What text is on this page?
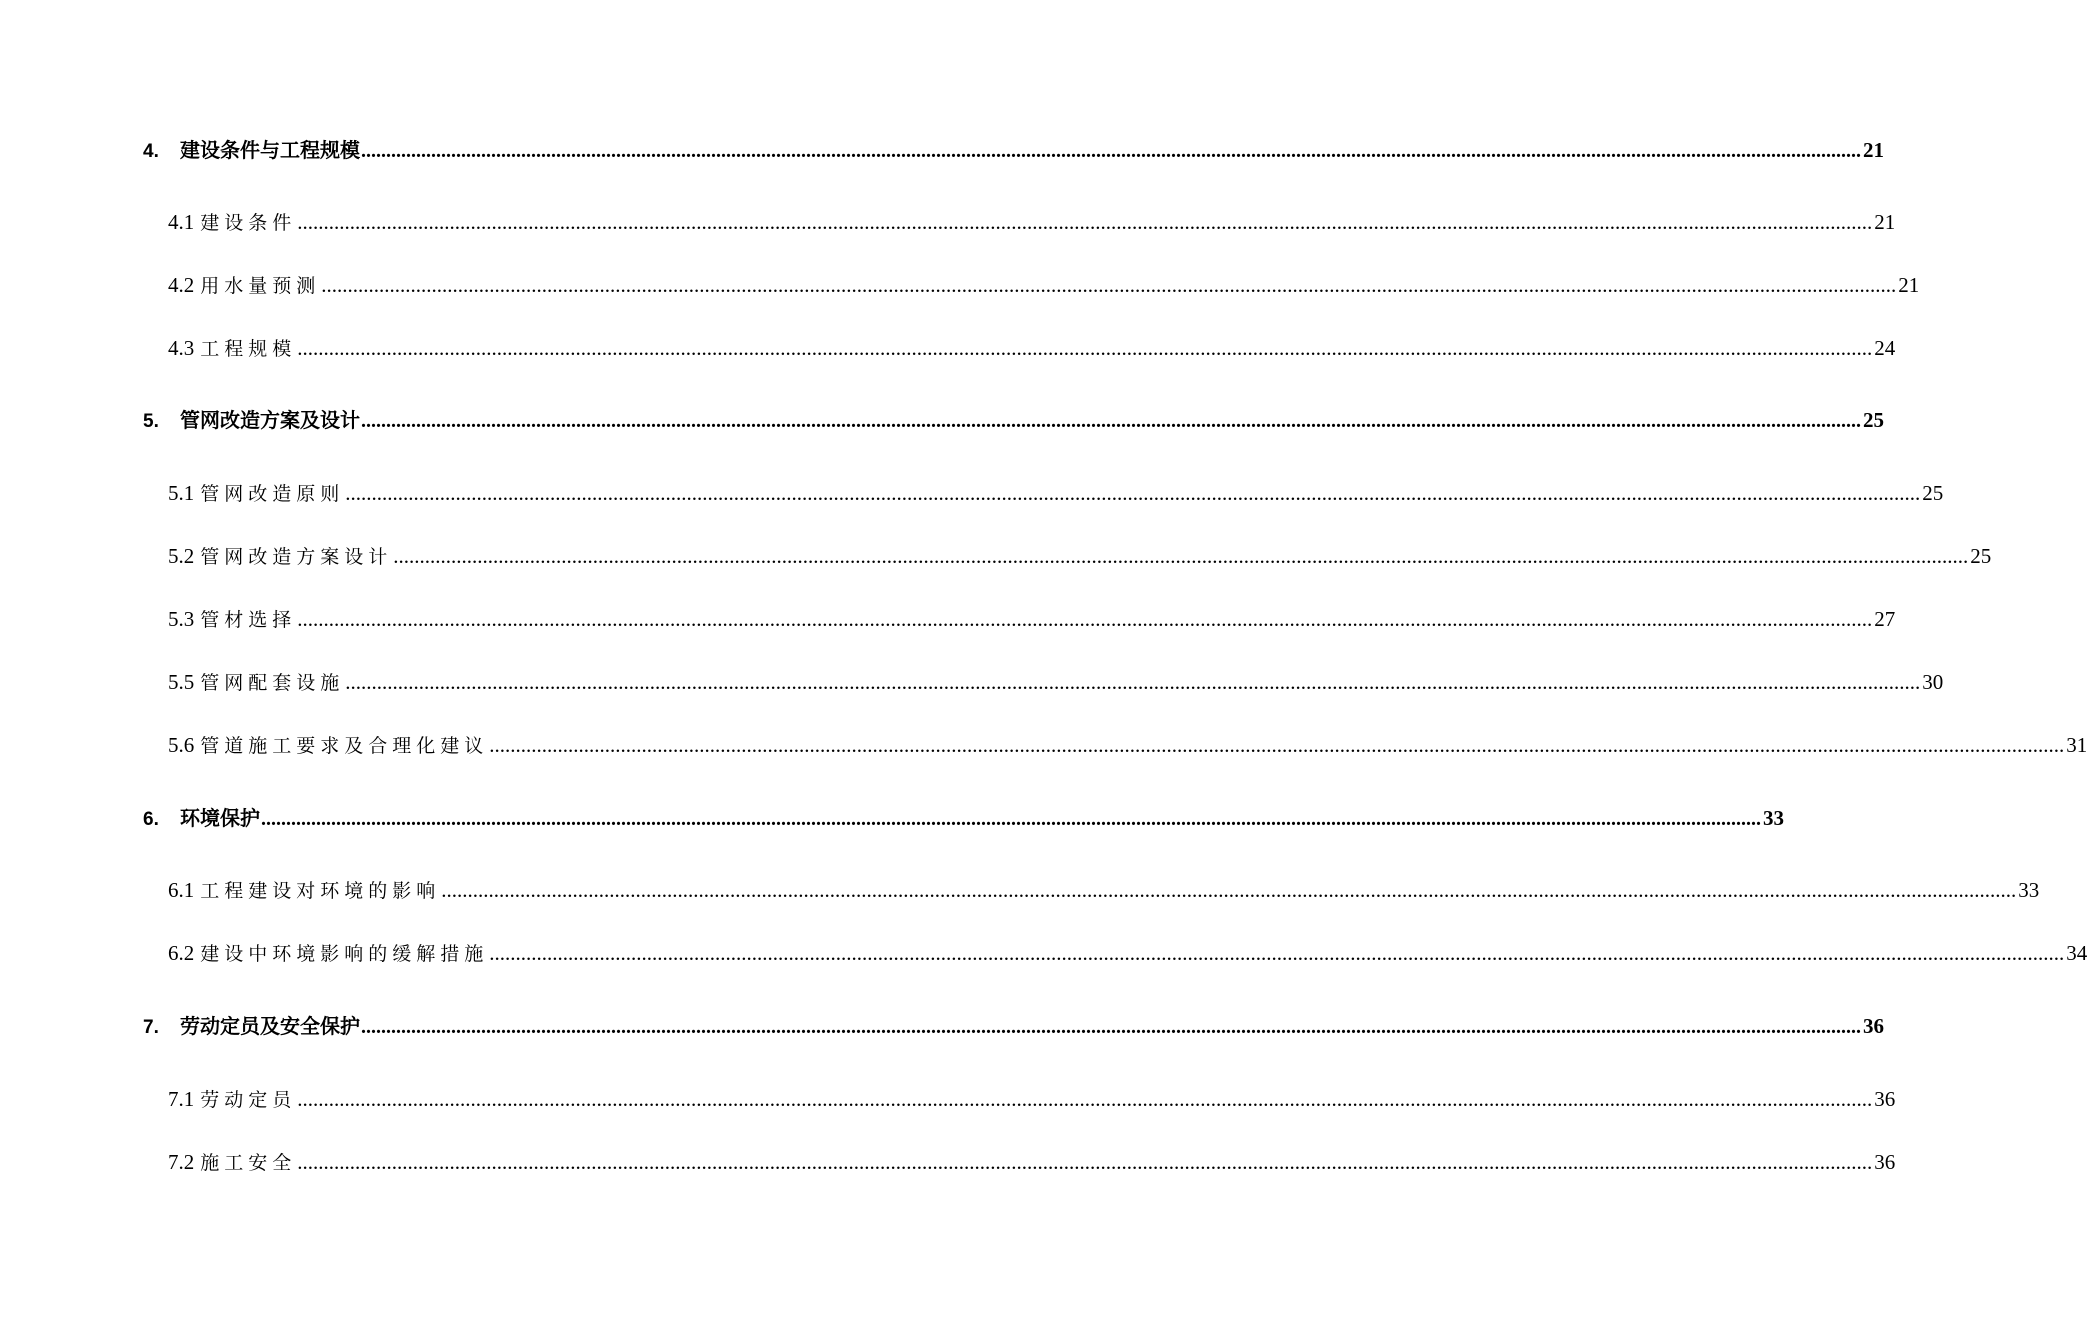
4.	建设条件与工程规模 ............................................................................................................................................................................................................................................................................................................ 21
4.1 建设条件 ............................................................................................................................................................................................................................................................................................................ 21
4.2 用水量预测 ............................................................................................................................................................................................................................................................................................................ 21
4.3 工程规模 ............................................................................................................................................................................................................................................................................................................ 24
5.	管网改造方案及设计 ............................................................................................................................................................................................................................................................................................................ 25
5.1 管网改造原则 ............................................................................................................................................................................................................................................................................................................ 25
5.2 管网改造方案设计 ............................................................................................................................................................................................................................................................................................................ 25
5.3 管材选择 ............................................................................................................................................................................................................................................................................................................ 27
5.5 管网配套设施 ............................................................................................................................................................................................................................................................................................................ 30
5.6 管道施工要求及合理化建议 ............................................................................................................................................................................................................................................................................................................ 31
6.	环境保护 ............................................................................................................................................................................................................................................................................................................ 33
6.1 工程建设对环境的影响 ............................................................................................................................................................................................................................................................................................................ 33
6.2 建设中环境影响的缓解措施 ............................................................................................................................................................................................................................................................................................................ 34
7.	劳动定员及安全保护 ............................................................................................................................................................................................................................................................................................................ 36
7.1 劳动定员 ............................................................................................................................................................................................................................................................................................................ 36
7.2 施工安全 ............................................................................................................................................................................................................................................................................................................ 36
